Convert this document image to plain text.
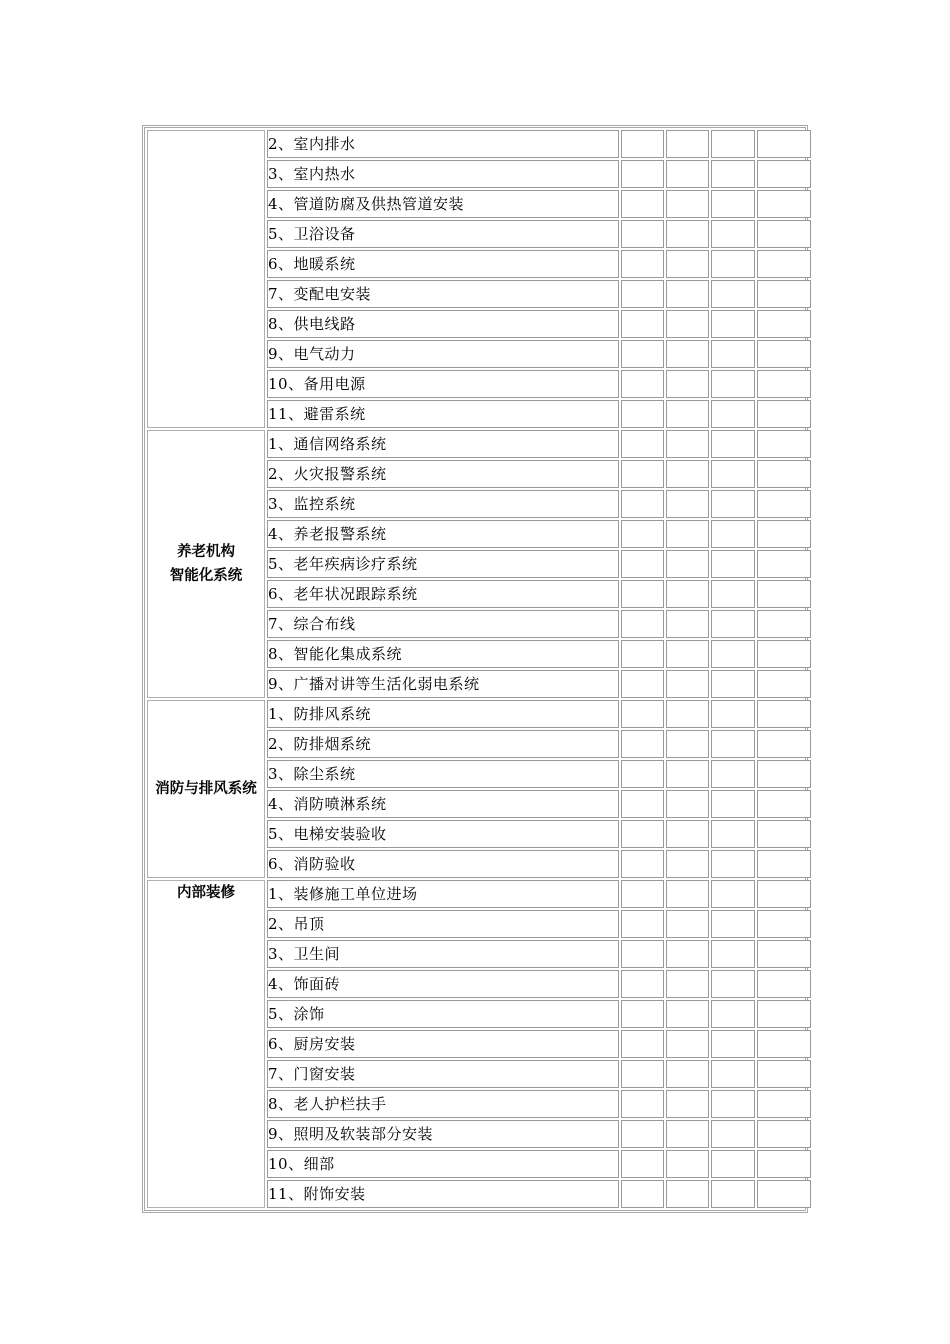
	2、室内排水				
	3、室内热水				
	4、管道防腐及供热管道安装				
	5、卫浴设备				
	6、地暖系统				
	7、变配电安装				
	8、供电线路				
	9、电气动力				
	10、备用电源				
	11、避雷系统				
养老机构
智能化系统	1、通信网络系统				
	2、火灾报警系统				
	3、监控系统				
	4、养老报警系统				
	5、老年疾病诊疗系统				
	6、老年状况跟踪系统				
	7、综合布线				
	8、智能化集成系统				
	9、广播对讲等生活化弱电系统				
消防与排风系统	1、防排风系统				
	2、防排烟系统				
	3、除尘系统				
	4、消防喷淋系统				
	5、电梯安装验收				
	6、消防验收				
内部装修	1、装修施工单位进场				
	2、吊顶				
	3、卫生间				
	4、饰面砖				
	5、涂饰				
	6、厨房安装				
	7、门窗安装				
	8、老人护栏扶手				
	9、照明及软装部分安装				
	10、细部				
	11、附饰安装				
